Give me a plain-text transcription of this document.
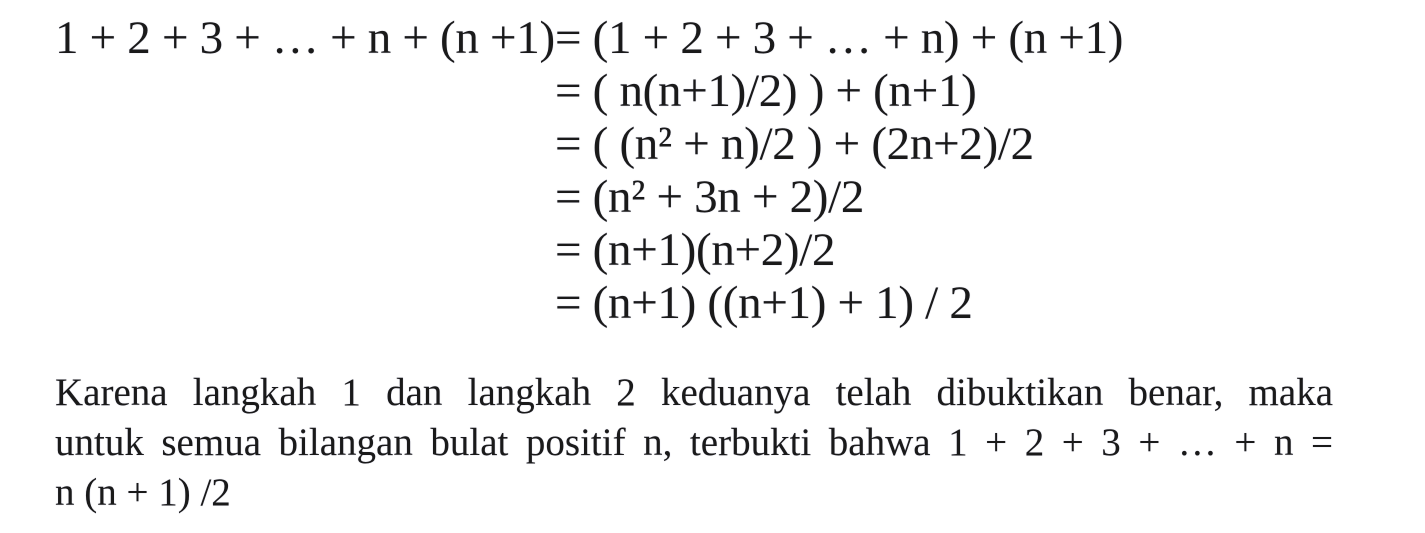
1 + 2 + 3 + … + n + (n +1) = (1 + 2 + 3 + … + n) + (n +1)
= ( n(n+1)/2) ) + (n+1)
= ( (n² + n)/2 ) + (2n+2)/2
= (n² + 3n + 2)/2
= (n+1)(n+2)/2
= (n+1) ((n+1) + 1) / 2
Karena langkah 1 dan langkah 2 keduanya telah dibuktikan benar, maka
untuk semua bilangan bulat positif n, terbukti bahwa 1 + 2 + 3 + … + n =
n (n + 1) /2
